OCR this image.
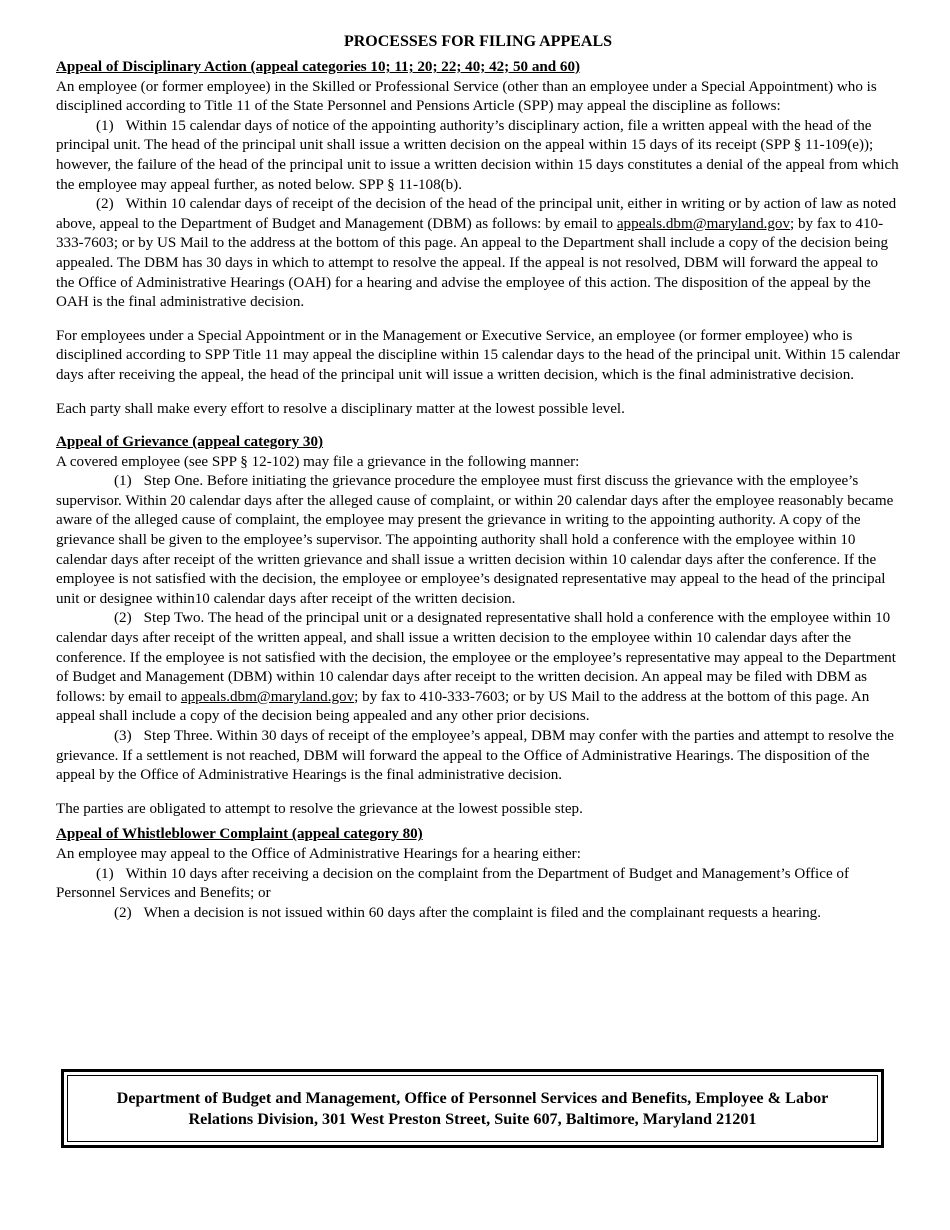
PROCESSES FOR FILING APPEALS

Appeal of Disciplinary Action (appeal categories 10; 11; 20; 22; 40; 42; 50 and 60)

An employee (or former employee) in the Skilled or Professional Service (other than an employee under a Special Appointment) who is disciplined according to Title 11 of the State Personnel and Pensions Article (SPP) may appeal the discipline as follows:

(1) Within 15 calendar days of notice of the appointing authority’s disciplinary action, file a written appeal with the head of the principal unit. The head of the principal unit shall issue a written decision on the appeal within 15 days of its receipt (SPP § 11-109(e)); however, the failure of the head of the principal unit to issue a written decision within 15 days constitutes a denial of the appeal from which the employee may appeal further, as noted below. SPP § 11-108(b).

(2) Within 10 calendar days of receipt of the decision of the head of the principal unit, either in writing or by action of law as noted above, appeal to the Department of Budget and Management (DBM) as follows: by email to appeals.dbm@maryland.gov; by fax to 410-333-7603; or by US Mail to the address at the bottom of this page. An appeal to the Department shall include a copy of the decision being appealed. The DBM has 30 days in which to attempt to resolve the appeal. If the appeal is not resolved, DBM will forward the appeal to the Office of Administrative Hearings (OAH) for a hearing and advise the employee of this action. The disposition of the appeal by the OAH is the final administrative decision.

For employees under a Special Appointment or in the Management or Executive Service, an employee (or former employee) who is disciplined according to SPP Title 11 may appeal the discipline within 15 calendar days to the head of the principal unit. Within 15 calendar days after receiving the appeal, the head of the principal unit will issue a written decision, which is the final administrative decision.

Each party shall make every effort to resolve a disciplinary matter at the lowest possible level.

Appeal of Grievance (appeal category 30)

A covered employee (see SPP § 12-102) may file a grievance in the following manner:

(1) Step One. Before initiating the grievance procedure the employee must first discuss the grievance with the employee’s supervisor. Within 20 calendar days after the alleged cause of complaint, or within 20 calendar days after the employee reasonably became aware of the alleged cause of complaint, the employee may present the grievance in writing to the appointing authority. A copy of the grievance shall be given to the employee’s supervisor. The appointing authority shall hold a conference with the employee within 10 calendar days after receipt of the written grievance and shall issue a written decision within 10 calendar days after the conference. If the employee is not satisfied with the decision, the employee or employee’s designated representative may appeal to the head of the principal unit or designee within10 calendar days after receipt of the written decision.

(2) Step Two. The head of the principal unit or a designated representative shall hold a conference with the employee within 10 calendar days after receipt of the written appeal, and shall issue a written decision to the employee within 10 calendar days after the conference. If the employee is not satisfied with the decision, the employee or the employee’s representative may appeal to the Department of Budget and Management (DBM) within 10 calendar days after receipt to the written decision. An appeal may be filed with DBM as follows: by email to appeals.dbm@maryland.gov; by fax to 410-333-7603; or by US Mail to the address at the bottom of this page. An appeal shall include a copy of the decision being appealed and any other prior decisions.

(3) Step Three. Within 30 days of receipt of the employee’s appeal, DBM may confer with the parties and attempt to resolve the grievance. If a settlement is not reached, DBM will forward the appeal to the Office of Administrative Hearings. The disposition of the appeal by the Office of Administrative Hearings is the final administrative decision.

The parties are obligated to attempt to resolve the grievance at the lowest possible step.

Appeal of Whistleblower Complaint (appeal category 80)

An employee may appeal to the Office of Administrative Hearings for a hearing either:

(1) Within 10 days after receiving a decision on the complaint from the Department of Budget and Management’s Office of Personnel Services and Benefits; or

(2) When a decision is not issued within 60 days after the complaint is filed and the complainant requests a hearing.

Department of Budget and Management, Office of Personnel Services and Benefits, Employee & Labor Relations Division, 301 West Preston Street, Suite 607, Baltimore, Maryland 21201
